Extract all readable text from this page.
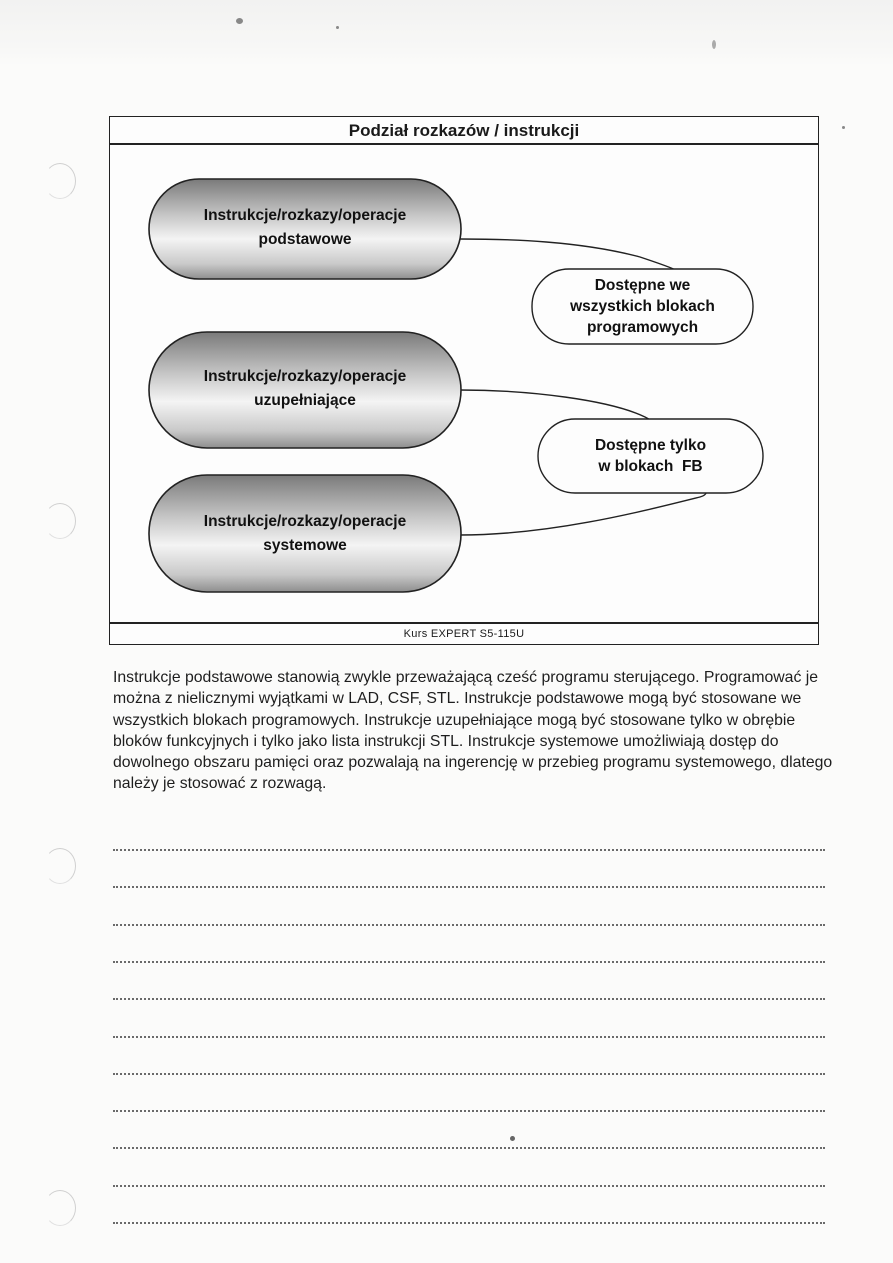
Podział rozkazów / instrukcji
Instrukcje/rozkazy/operacje
podstawowe
Instrukcje/rozkazy/operacje
uzupełniające
Instrukcje/rozkazy/operacje
systemowe
Dostępne we
wszystkich blokach
programowych
Dostępne tylko
w blokach  FB
Kurs EXPERT S5-115U
Instrukcje podstawowe stanowią zwykle przeważającą cześć programu sterującego. Programować je można z nielicznymi wyjątkami w LAD, CSF, STL. Instrukcje podstawowe mogą być stosowane we wszystkich blokach programowych. Instrukcje uzupełniające mogą być stosowane tylko w obrębie bloków funkcyjnych i tylko jako lista instrukcji STL. Instrukcje systemowe umożliwiają dostęp do dowolnego obszaru pamięci oraz pozwalają na ingerencję w przebieg programu systemowego, dlatego należy je stosować z rozwagą.
